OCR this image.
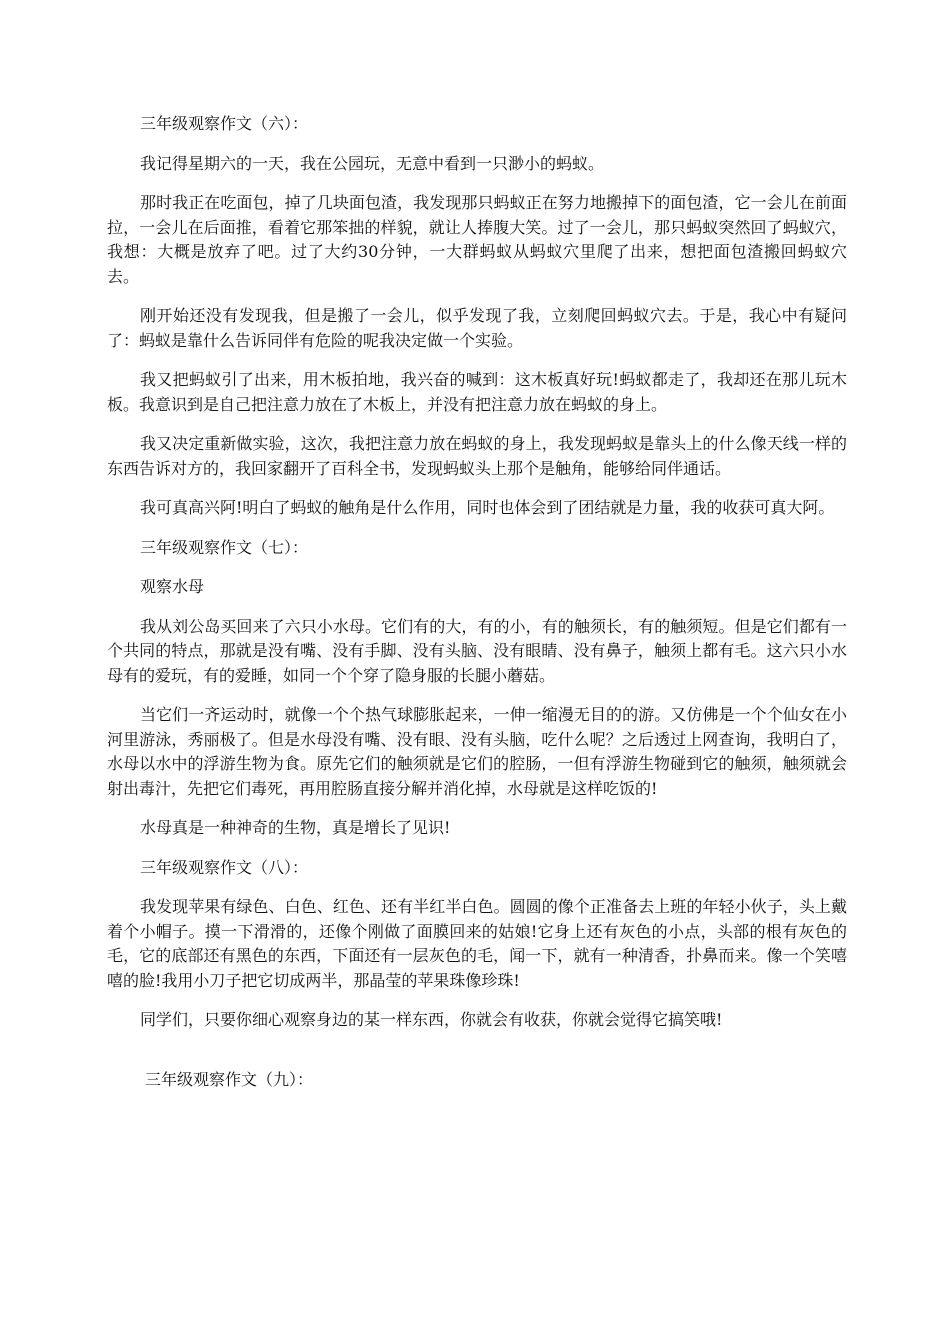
三年级观察作文（六）：

我记得星期六的一天，我在公园玩，无意中看到一只渺小的蚂蚁。

那时我正在吃面包，掉了几块面包渣，我发现那只蚂蚁正在努力地搬掉下的面包渣，它一会儿在前面拉，一会儿在后面推，看着它那笨拙的样貌，就让人捧腹大笑。过了一会儿，那只蚂蚁突然回了蚂蚁穴，我想：大概是放弃了吧。过了大约30分钟，一大群蚂蚁从蚂蚁穴里爬了出来，想把面包渣搬回蚂蚁穴去。

刚开始还没有发现我，但是搬了一会儿，似乎发现了我，立刻爬回蚂蚁穴去。于是，我心中有疑问了：蚂蚁是靠什么告诉同伴有危险的呢我决定做一个实验。

我又把蚂蚁引了出来，用木板拍地，我兴奋的喊到：这木板真好玩!蚂蚁都走了，我却还在那儿玩木板。我意识到是自己把注意力放在了木板上，并没有把注意力放在蚂蚁的身上。

我又决定重新做实验，这次，我把注意力放在蚂蚁的身上，我发现蚂蚁是靠头上的什么像天线一样的东西告诉对方的，我回家翻开了百科全书，发现蚂蚁头上那个是触角，能够给同伴通话。

我可真高兴阿!明白了蚂蚁的触角是什么作用，同时也体会到了团结就是力量，我的收获可真大阿。

三年级观察作文（七）：

观察水母

我从刘公岛买回来了六只小水母。它们有的大，有的小，有的触须长，有的触须短。但是它们都有一个共同的特点，那就是没有嘴、没有手脚、没有头脑、没有眼睛、没有鼻子，触须上都有毛。这六只小水母有的爱玩，有的爱睡，如同一个个穿了隐身服的长腿小蘑菇。

当它们一齐运动时，就像一个个热气球膨胀起来，一伸一缩漫无目的的游。又仿佛是一个个仙女在小河里游泳，秀丽极了。但是水母没有嘴、没有眼、没有头脑，吃什么呢？之后透过上网查询，我明白了，水母以水中的浮游生物为食。原先它们的触须就是它们的腔肠，一但有浮游生物碰到它的触须，触须就会射出毒汁，先把它们毒死，再用腔肠直接分解并消化掉，水母就是这样吃饭的!

水母真是一种神奇的生物，真是增长了见识!

三年级观察作文（八）：

我发现苹果有绿色、白色、红色、还有半红半白色。圆圆的像个正准备去上班的年轻小伙子，头上戴着个小帽子。摸一下滑滑的，还像个刚做了面膜回来的姑娘!它身上还有灰色的小点，头部的根有灰色的毛，它的底部还有黑色的东西，下面还有一层灰色的毛，闻一下，就有一种清香，扑鼻而来。像一个笑嘻嘻的脸!我用小刀子把它切成两半，那晶莹的苹果珠像珍珠!

同学们，只要你细心观察身边的某一样东西，你就会有收获，你就会觉得它搞笑哦!

三年级观察作文（九）：
